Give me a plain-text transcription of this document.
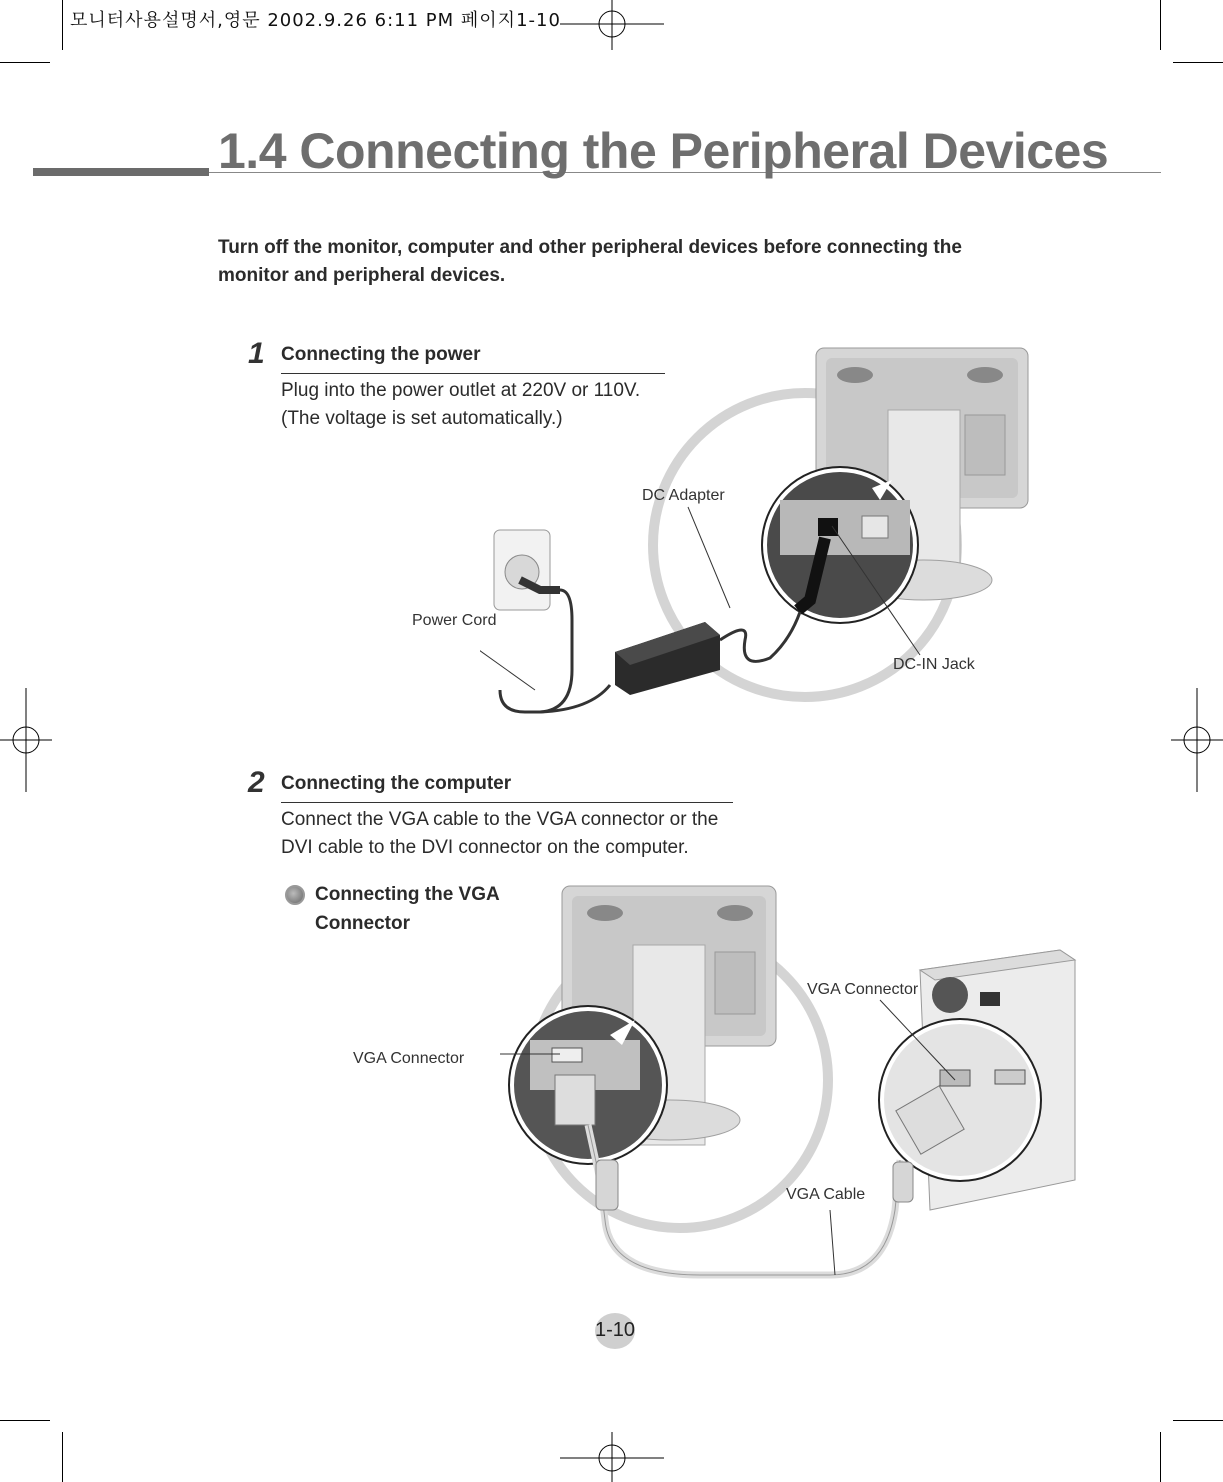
모니터사용설명서,영문 2002.9.26 6:11 PM 페이지1-10
1.4 Connecting the Peripheral Devices
Turn off the monitor, computer and other peripheral devices before connecting the monitor and peripheral devices.
1 Connecting the power
Plug into the power outlet at 220V or 110V.
(The voltage is set automatically.)
DC Adapter
Power Cord
DC-IN Jack
2 Connecting the computer
Connect the VGA cable to the VGA connector or the
DVI cable to the DVI connector on the computer.
Connecting the VGA
Connector
VGA Connector
VGA Connector
VGA Cable
1-10
